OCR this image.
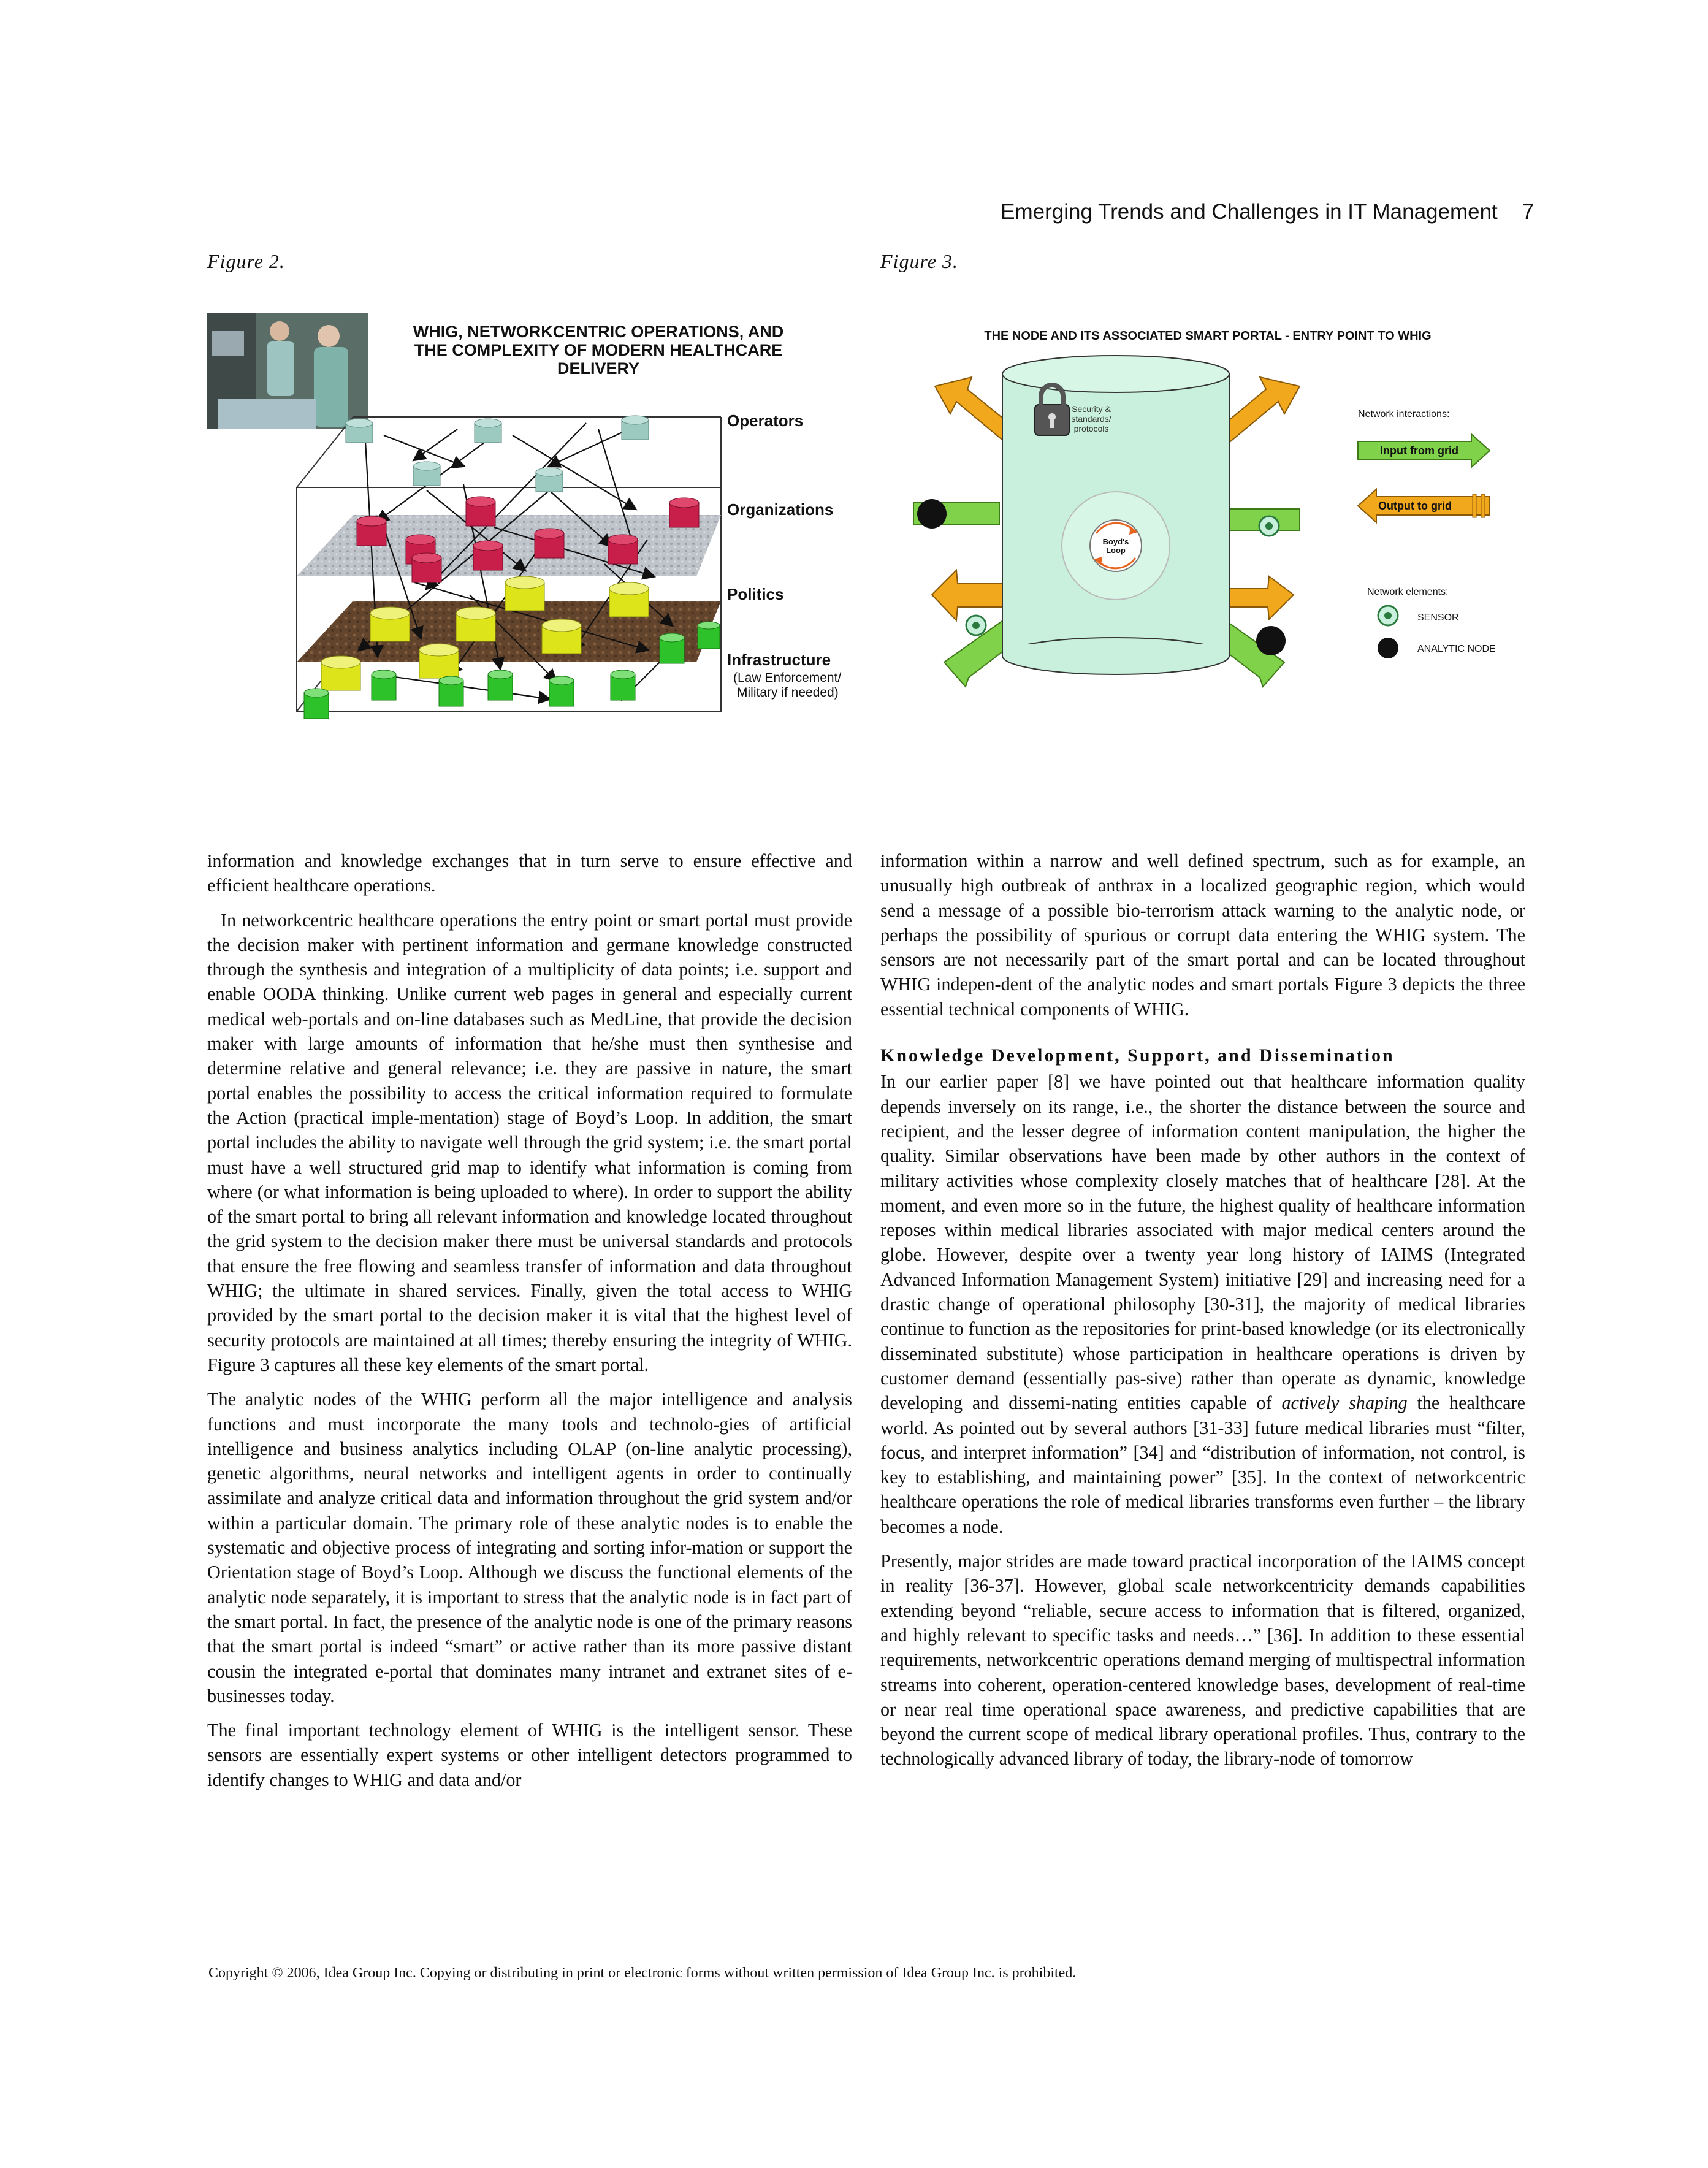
Emerging Trends and Challenges in IT Management 7
Figure 2.	Figure 3.
WHIG, NETWORKCENTRIC OPERATIONS, AND
THE COMPLEXITY OF MODERN HEALTHCARE
DELIVERY
Operators
Organizations
Politics
Infrastructure
(Law Enforcement/
Military if needed)
THE NODE AND ITS ASSOCIATED SMART PORTAL - ENTRY POINT TO WHIG
Security &
standards/
protocols
Boyd's
Loop
Network interactions:
Input from grid
Output to grid
Network elements:
SENSOR
ANALYTIC NODE

information and knowledge exchanges that in turn serve to ensure effective and efficient healthcare operations.

In networkcentric healthcare operations the entry point or smart portal must provide the decision maker with pertinent information and germane knowledge constructed through the synthesis and integration of a multiplicity of data points; i.e. support and enable OODA thinking. Unlike current web pages in general and especially current medical web-portals and on-line databases such as MedLine, that provide the decision maker with large amounts of information that he/she must then synthesise and determine relative and general relevance; i.e. they are passive in nature, the smart portal enables the possibility to access the critical information required to formulate the Action (practical imple-mentation) stage of Boyd’s Loop. In addition, the smart portal includes the ability to navigate well through the grid system; i.e. the smart portal must have a well structured grid map to identify what information is coming from where (or what information is being uploaded to where). In order to support the ability of the smart portal to bring all relevant information and knowledge located throughout the grid system to the decision maker there must be universal standards and protocols that ensure the free flowing and seamless transfer of information and data throughout WHIG; the ultimate in shared services. Finally, given the total access to WHIG provided by the smart portal to the decision maker it is vital that the highest level of security protocols are maintained at all times; thereby ensuring the integrity of WHIG. Figure 3 captures all these key elements of the smart portal.

The analytic nodes of the WHIG perform all the major intelligence and analysis functions and must incorporate the many tools and technolo-gies of artificial intelligence and business analytics including OLAP (on-line analytic processing), genetic algorithms, neural networks and intelligent agents in order to continually assimilate and analyze critical data and information throughout the grid system and/or within a particular domain. The primary role of these analytic nodes is to enable the systematic and objective process of integrating and sorting infor-mation or support the Orientation stage of Boyd’s Loop. Although we discuss the functional elements of the analytic node separately, it is important to stress that the analytic node is in fact part of the smart portal. In fact, the presence of the analytic node is one of the primary reasons that the smart portal is indeed “smart” or active rather than its more passive distant cousin the integrated e-portal that dominates many intranet and extranet sites of e-businesses today.

The final important technology element of WHIG is the intelligent sensor. These sensors are essentially expert systems or other intelligent detectors programmed to identify changes to WHIG and data and/or

information within a narrow and well defined spectrum, such as for example, an unusually high outbreak of anthrax in a localized geographic region, which would send a message of a possible bio-terrorism attack warning to the analytic node, or perhaps the possibility of spurious or corrupt data entering the WHIG system. The sensors are not necessarily part of the smart portal and can be located throughout WHIG indepen-dent of the analytic nodes and smart portals Figure 3 depicts the three essential technical components of WHIG.

Knowledge Development, Support, and Dissemination

In our earlier paper [8] we have pointed out that healthcare information quality depends inversely on its range, i.e., the shorter the distance between the source and recipient, and the lesser degree of information content manipulation, the higher the quality. Similar observations have been made by other authors in the context of military activities whose complexity closely matches that of healthcare [28]. At the moment, and even more so in the future, the highest quality of healthcare information reposes within medical libraries associated with major medical centers around the globe. However, despite over a twenty year long history of IAIMS (Integrated Advanced Information Management System) initiative [29] and increasing need for a drastic change of operational philosophy [30-31], the majority of medical libraries continue to function as the repositories for print-based knowledge (or its electronically disseminated substitute) whose participation in healthcare operations is driven by customer demand (essentially pas-sive) rather than operate as dynamic, knowledge developing and dissemi-nating entities capable of actively shaping the healthcare world. As pointed out by several authors [31-33] future medical libraries must “filter, focus, and interpret information” [34] and “distribution of information, not control, is key to establishing, and maintaining power” [35]. In the context of networkcentric healthcare operations the role of medical libraries transforms even further – the library becomes a node.

Presently, major strides are made toward practical incorporation of the IAIMS concept in reality [36-37]. However, global scale networkcentricity demands capabilities extending beyond “reliable, secure access to information that is filtered, organized, and highly relevant to specific tasks and needs…” [36]. In addition to these essential requirements, networkcentric operations demand merging of multispectral information streams into coherent, operation-centered knowledge bases, development of real-time or near real time operational space awareness, and predictive capabilities that are beyond the current scope of medical library operational profiles. Thus, contrary to the technologically advanced library of today, the library-node of tomorrow

Copyright © 2006, Idea Group Inc. Copying or distributing in print or electronic forms without written permission of Idea Group Inc. is prohibited.
